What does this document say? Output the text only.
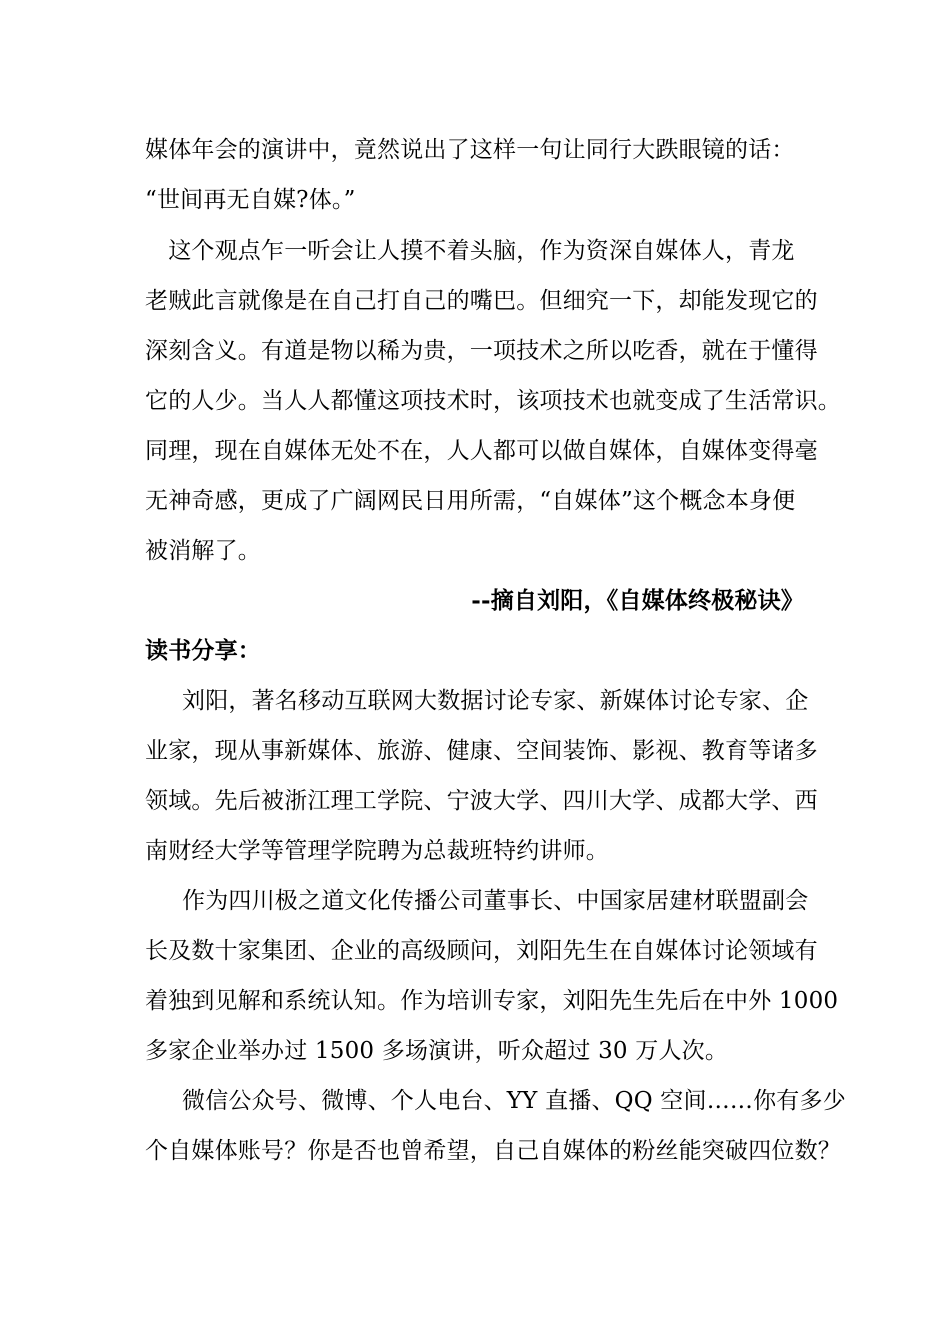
媒体年会的演讲中，竟然说出了这样一句让同行大跌眼镜的话：
“世间再无自媒?体。”
　这个观点乍一听会让人摸不着头脑，作为资深自媒体人，青龙
老贼此言就像是在自己打自己的嘴巴。但细究一下，却能发现它的
深刻含义。有道是物以稀为贵，一项技术之所以吃香，就在于懂得
它的人少。当人人都懂这项技术时，该项技术也就变成了生活常识。
同理，现在自媒体无处不在，人人都可以做自媒体，自媒体变得毫
无神奇感，更成了广阔网民日用所需，“自媒体”这个概念本身便
被消解了。
--摘自刘阳，《自媒体终极秘诀》
读书分享：
刘阳，著名移动互联网大数据讨论专家、新媒体讨论专家、企
业家，现从事新媒体、旅游、健康、空间装饰、影视、教育等诸多
领域。先后被浙江理工学院、宁波大学、四川大学、成都大学、西
南财经大学等管理学院聘为总裁班特约讲师。
作为四川极之道文化传播公司董事长、中国家居建材联盟副会
长及数十家集团、企业的高级顾问，刘阳先生在自媒体讨论领域有
着独到见解和系统认知。作为培训专家，刘阳先生先后在中外 1000
多家企业举办过 1500 多场演讲，听众超过 30 万人次。
微信公众号、微博、个人电台、YY 直播、QQ 空间……你有多少
个自媒体账号？你是否也曾希望，自己自媒体的粉丝能突破四位数？
